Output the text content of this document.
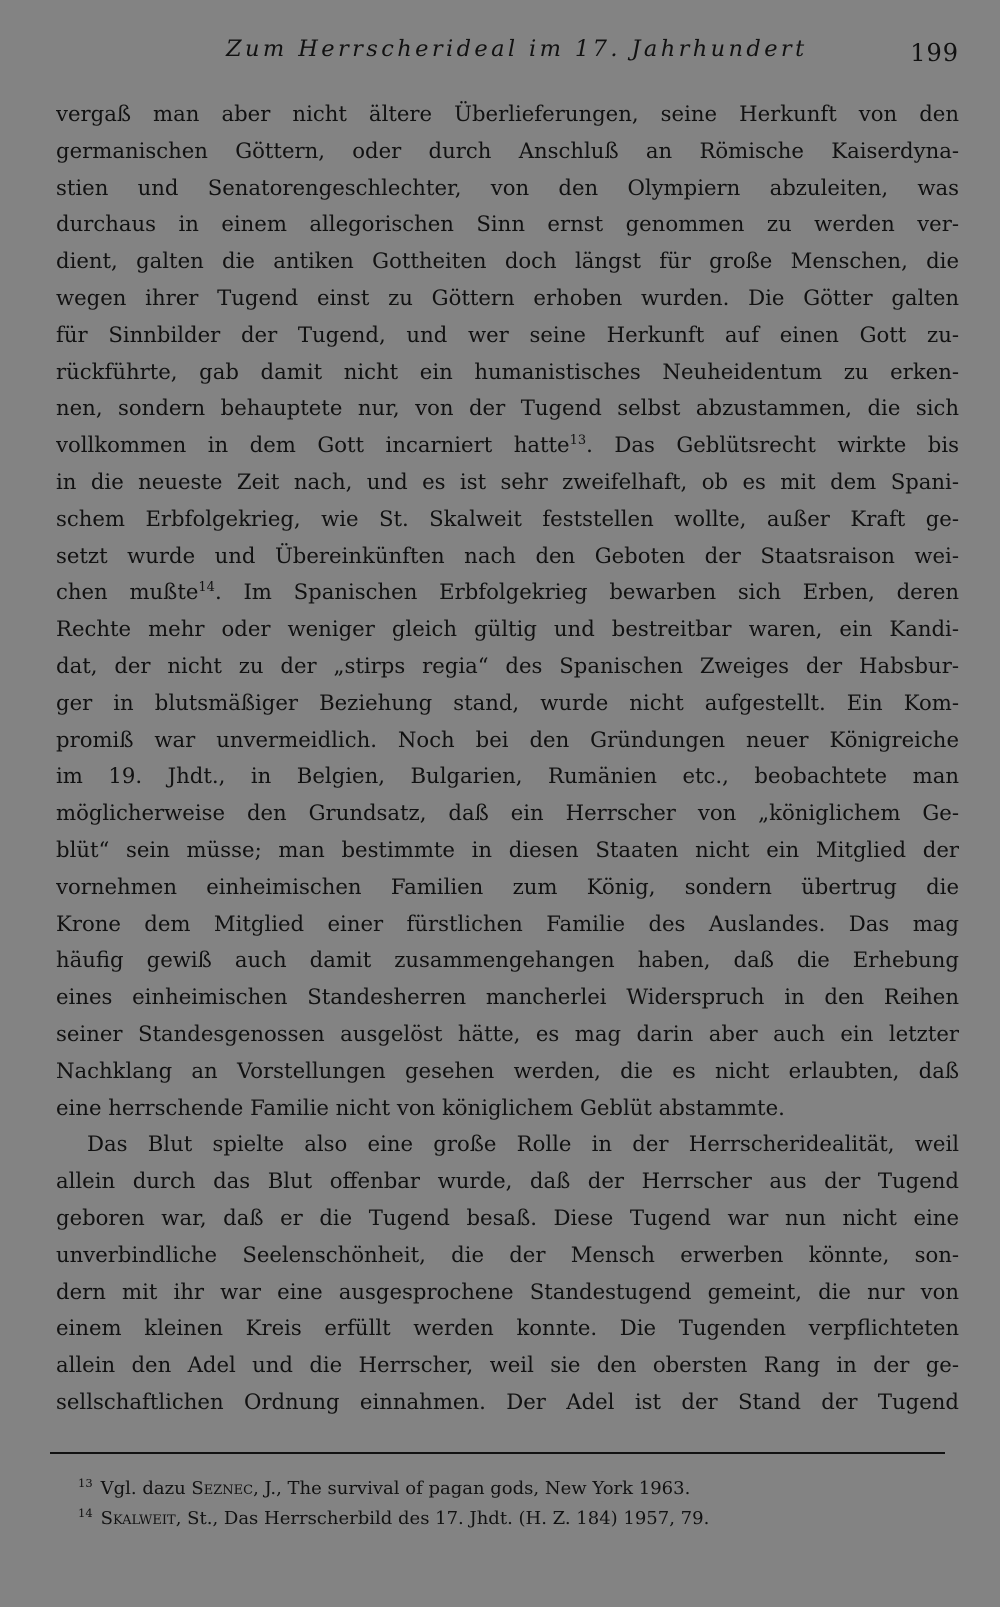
Zum Herrscherideal im 17. Jahrhundert	199
vergaß man aber nicht ältere Überlieferungen, seine Herkunft von den
germanischen Göttern, oder durch Anschluß an Römische Kaiserdyna-
stien und Senatorengeschlechter, von den Olympiern abzuleiten, was
durchaus in einem allegorischen Sinn ernst genommen zu werden ver-
dient, galten die antiken Gottheiten doch längst für große Menschen, die
wegen ihrer Tugend einst zu Göttern erhoben wurden. Die Götter galten
für Sinnbilder der Tugend, und wer seine Herkunft auf einen Gott zu-
rückführte, gab damit nicht ein humanistisches Neuheidentum zu erken-
nen, sondern behauptete nur, von der Tugend selbst abzustammen, die sich
vollkommen in dem Gott incarniert hatte$^{13}$. Das Geblütsrecht wirkte bis
in die neueste Zeit nach, und es ist sehr zweifelhaft, ob es mit dem Spani-
schem Erbfolgekrieg, wie St. Skalweit feststellen wollte, außer Kraft ge-
setzt wurde und Übereinkünften nach den Geboten der Staatsraison wei-
chen mußte$^{14}$. Im Spanischen Erbfolgekrieg bewarben sich Erben, deren
Rechte mehr oder weniger gleich gültig und bestreitbar waren, ein Kandi-
dat, der nicht zu der „stirps regia“ des Spanischen Zweiges der Habsbur-
ger in blutsmäßiger Beziehung stand, wurde nicht aufgestellt. Ein Kom-
promiß war unvermeidlich. Noch bei den Gründungen neuer Königreiche
im 19. Jhdt., in Belgien, Bulgarien, Rumänien etc., beobachtete man
möglicherweise den Grundsatz, daß ein Herrscher von „königlichem Ge-
blüt“ sein müsse; man bestimmte in diesen Staaten nicht ein Mitglied der
vornehmen einheimischen Familien zum König, sondern übertrug die
Krone dem Mitglied einer fürstlichen Familie des Auslandes. Das mag
häufig gewiß auch damit zusammengehangen haben, daß die Erhebung
eines einheimischen Standesherren mancherlei Widerspruch in den Reihen
seiner Standesgenossen ausgelöst hätte, es mag darin aber auch ein letzter
Nachklang an Vorstellungen gesehen werden, die es nicht erlaubten, daß
eine herrschende Familie nicht von königlichem Geblüt abstammte.
Das Blut spielte also eine große Rolle in der Herrscheridealität, weil
allein durch das Blut offenbar wurde, daß der Herrscher aus der Tugend
geboren war, daß er die Tugend besaß. Diese Tugend war nun nicht eine
unverbindliche Seelenschönheit, die der Mensch erwerben könnte, son-
dern mit ihr war eine ausgesprochene Standestugend gemeint, die nur von
einem kleinen Kreis erfüllt werden konnte. Die Tugenden verpflichteten
allein den Adel und die Herrscher, weil sie den obersten Rang in der ge-
sellschaftlichen Ordnung einnahmen. Der Adel ist der Stand der Tugend
$^{13}$ Vgl. dazu Seznec, J., The survival of pagan gods, New York 1963.
$^{14}$ Skalweit, St., Das Herrscherbild des 17. Jhdt. (H. Z. 184) 1957, 79.
